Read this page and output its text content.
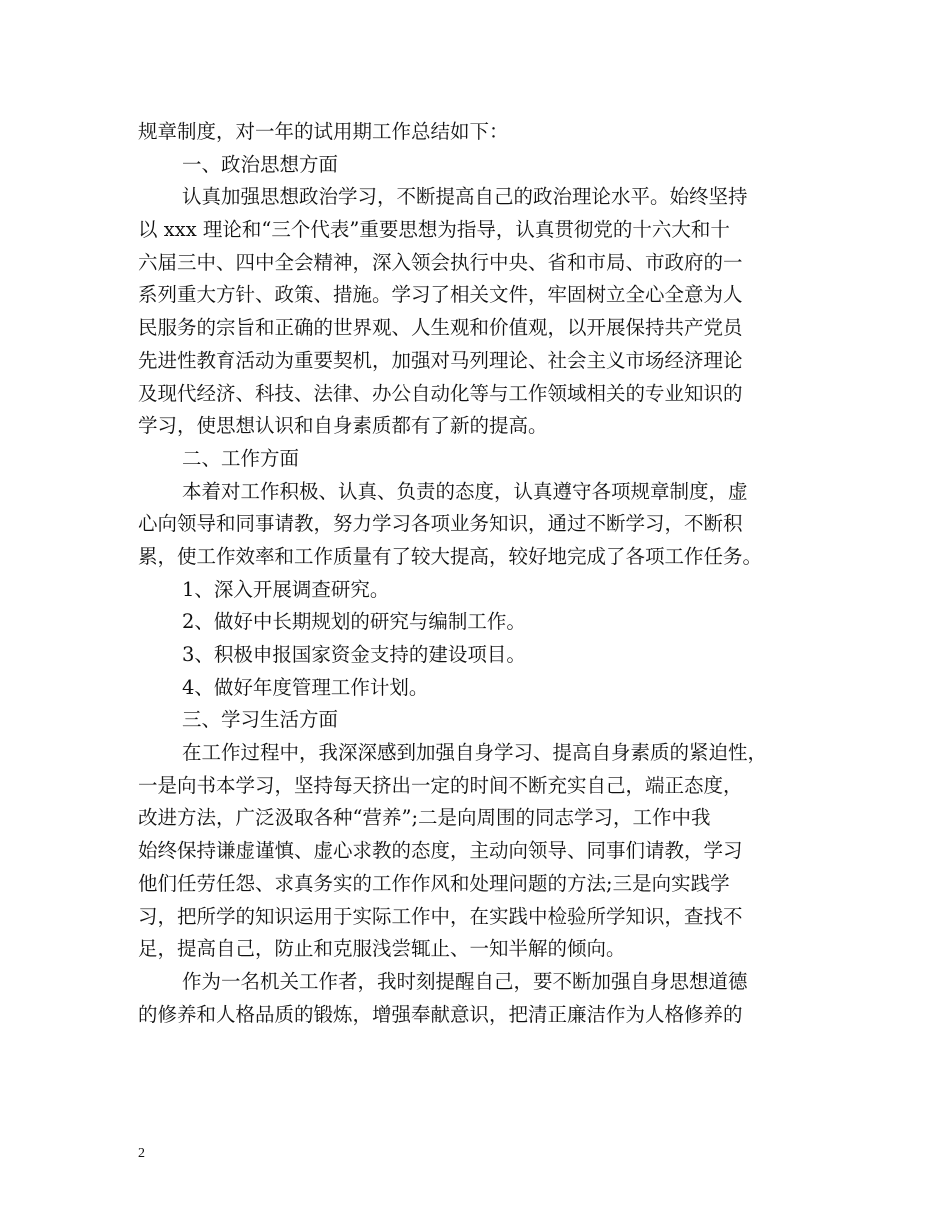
规章制度，对一年的试用期工作总结如下：
一、政治思想方面
认真加强思想政治学习，不断提高自己的政治理论水平。始终坚持
以 xxx 理论和“三个代表”重要思想为指导，认真贯彻党的十六大和十
六届三中、四中全会精神，深入领会执行中央、省和市局、市政府的一
系列重大方针、政策、措施。学习了相关文件，牢固树立全心全意为人
民服务的宗旨和正确的世界观、人生观和价值观，以开展保持共产党员
先进性教育活动为重要契机，加强对马列理论、社会主义市场经济理论
及现代经济、科技、法律、办公自动化等与工作领域相关的专业知识的
学习，使思想认识和自身素质都有了新的提高。
二、工作方面
本着对工作积极、认真、负责的态度，认真遵守各项规章制度，虚
心向领导和同事请教，努力学习各项业务知识，通过不断学习，不断积
累，使工作效率和工作质量有了较大提高，较好地完成了各项工作任务。
1、深入开展调查研究。
2、做好中长期规划的研究与编制工作。
3、积极申报国家资金支持的建设项目。
4、做好年度管理工作计划。
三、学习生活方面
在工作过程中，我深深感到加强自身学习、提高自身素质的紧迫性，
一是向书本学习，坚持每天挤出一定的时间不断充实自己，端正态度，
改进方法，广泛汲取各种“营养”;二是向周围的同志学习，工作中我
始终保持谦虚谨慎、虚心求教的态度，主动向领导、同事们请教，学习
他们任劳任怨、求真务实的工作作风和处理问题的方法;三是向实践学
习，把所学的知识运用于实际工作中，在实践中检验所学知识，查找不
足，提高自己，防止和克服浅尝辄止、一知半解的倾向。
作为一名机关工作者，我时刻提醒自己，要不断加强自身思想道德
的修养和人格品质的锻炼，增强奉献意识，把清正廉洁作为人格修养的
2
